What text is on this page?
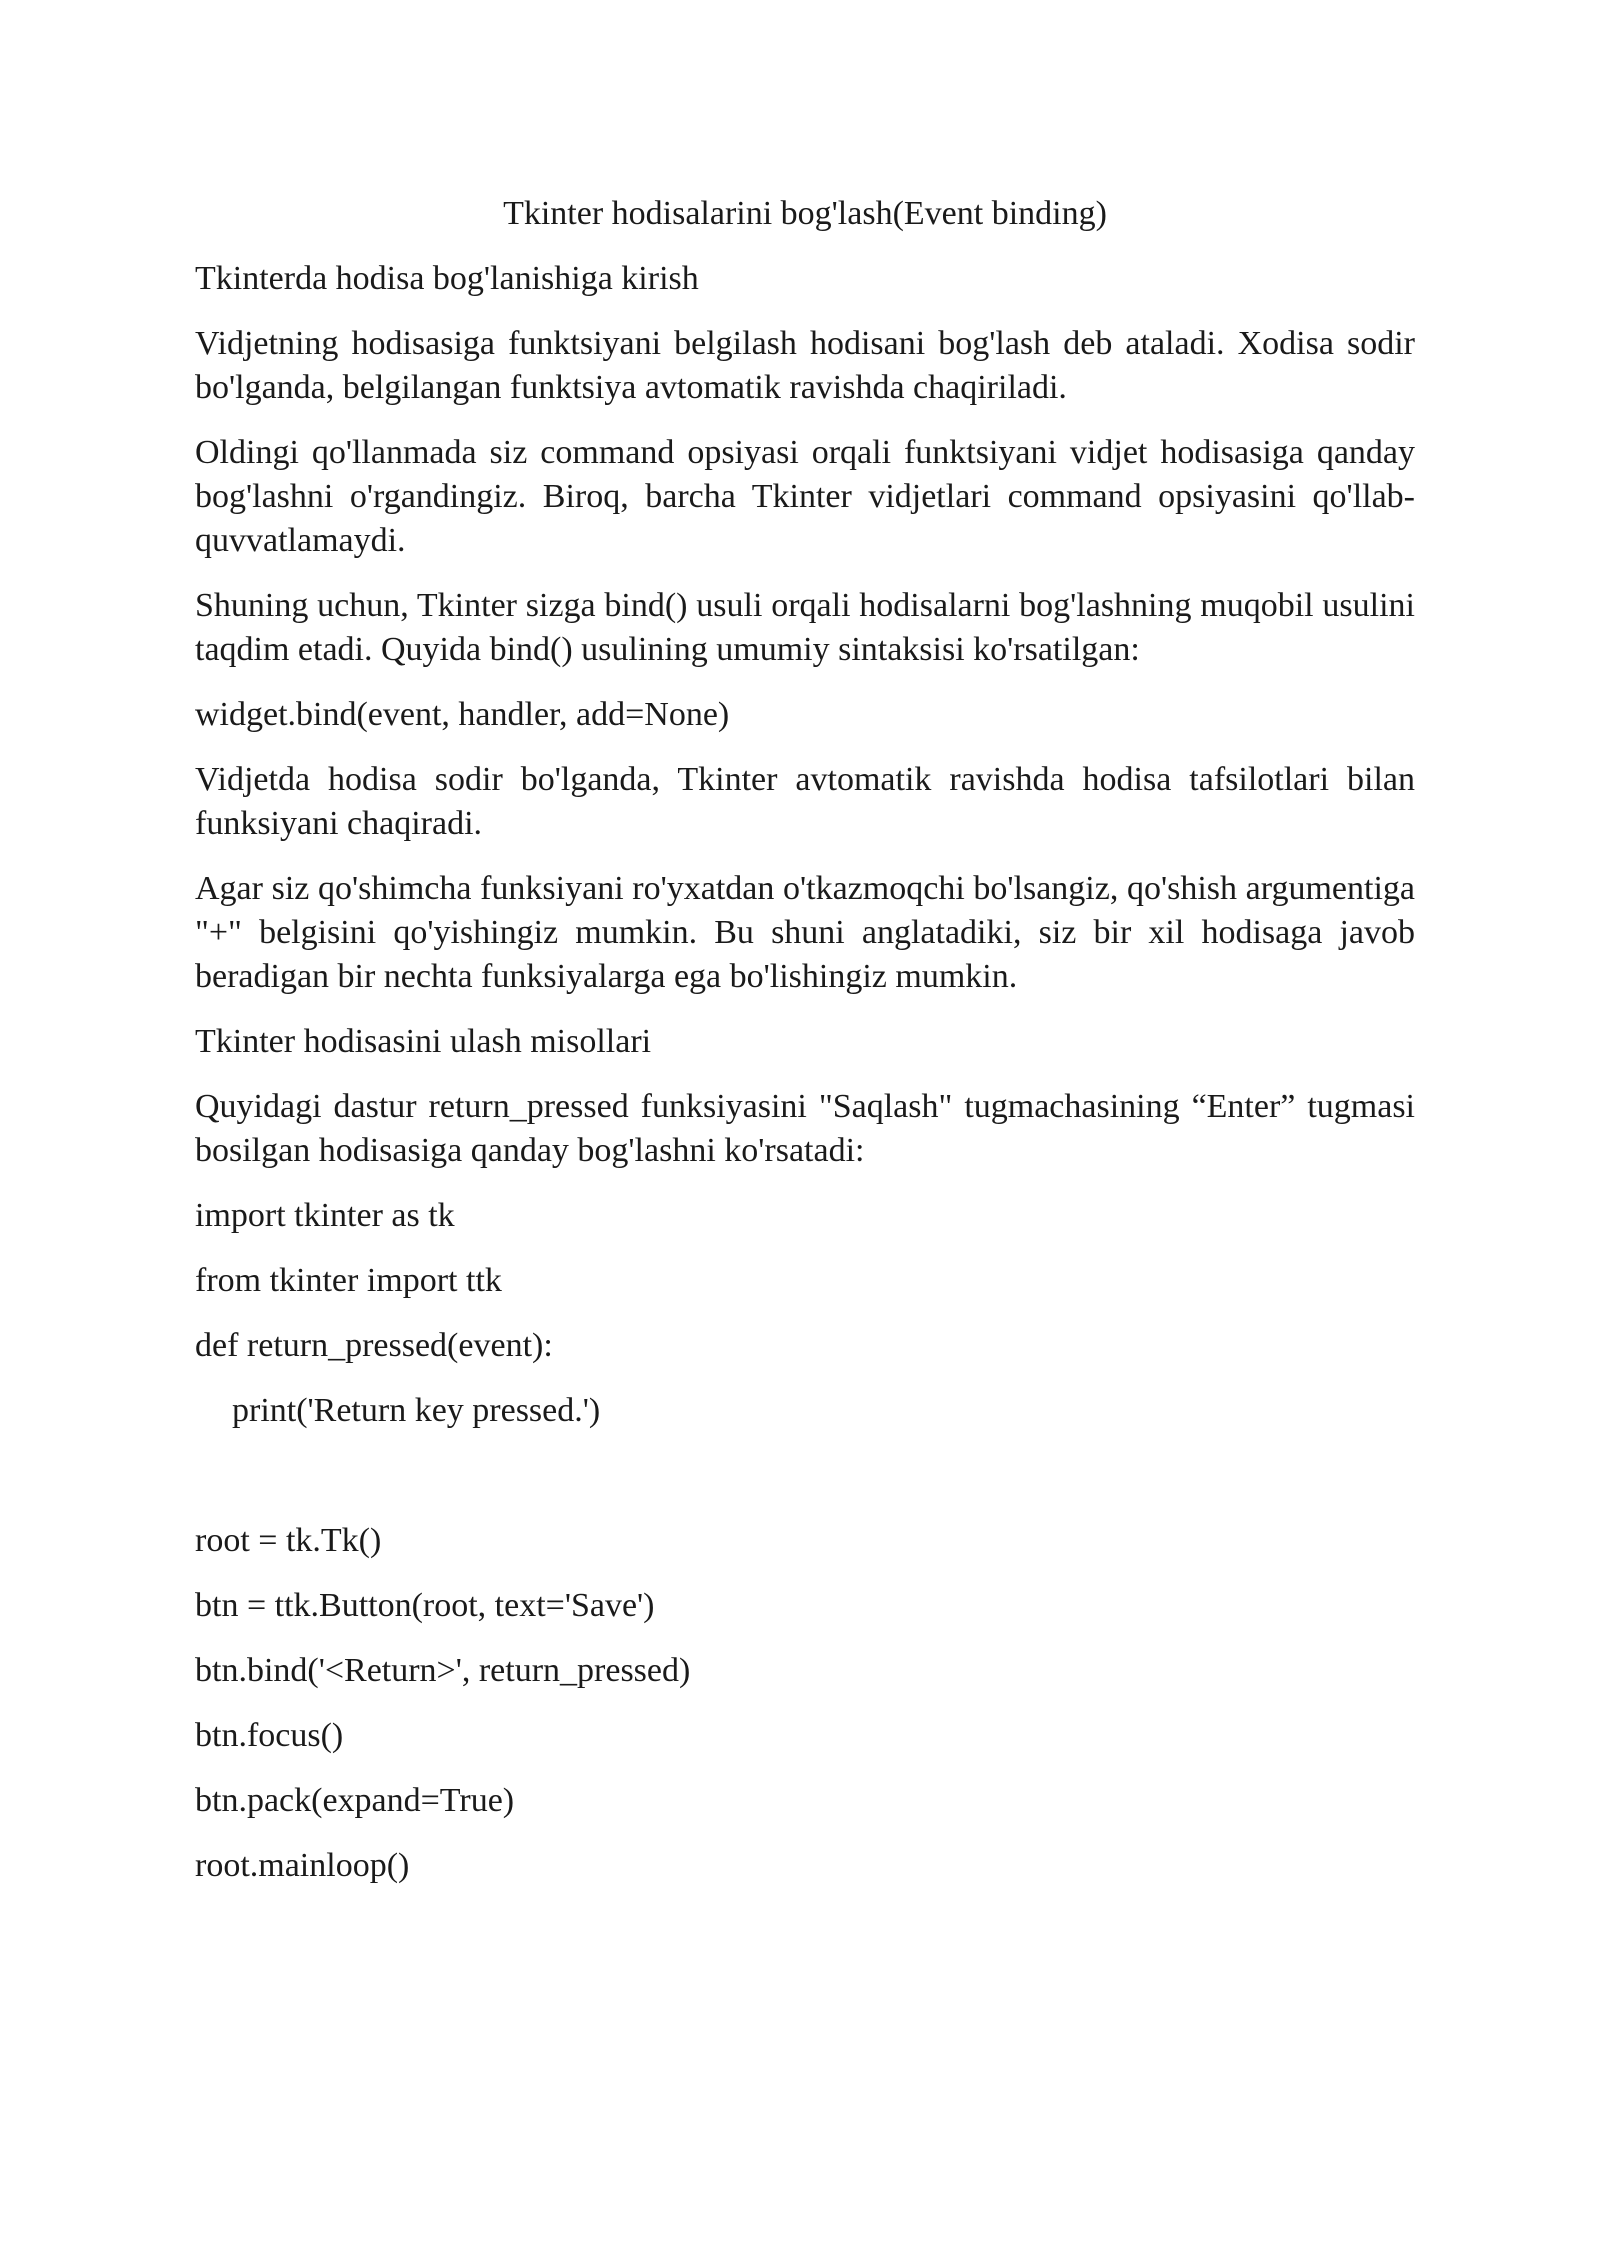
Tkinter hodisalarini bog'lash(Event binding)
Tkinterda hodisa bog'lanishiga kirish
Vidjetning hodisasiga funktsiyani belgilash hodisani bog'lash deb ataladi. Xodisa sodir bo'lganda, belgilangan funktsiya avtomatik ravishda chaqiriladi.
Oldingi qo'llanmada siz command opsiyasi orqali funktsiyani vidjet hodisasiga qanday bog'lashni o'rgandingiz. Biroq, barcha Tkinter vidjetlari command opsiyasini qo'llab-quvvatlamaydi.
Shuning uchun, Tkinter sizga bind() usuli orqali hodisalarni bog'lashning muqobil usulini taqdim etadi. Quyida bind() usulining umumiy sintaksisi ko'rsatilgan:
widget.bind(event, handler, add=None)
Vidjetda hodisa sodir bo'lganda, Tkinter avtomatik ravishda hodisa tafsilotlari bilan funksiyani chaqiradi.
Agar siz qo'shimcha funksiyani ro'yxatdan o'tkazmoqchi bo'lsangiz, qo'shish argumentiga "+" belgisini qo'yishingiz mumkin. Bu shuni anglatadiki, siz bir xil hodisaga javob beradigan bir nechta funksiyalarga ega bo'lishingiz mumkin.
Tkinter hodisasini ulash misollari
Quyidagi dastur return_pressed funksiyasini "Saqlash" tugmachasining “Enter” tugmasi bosilgan hodisasiga qanday bog'lashni ko'rsatadi:
import tkinter as tk
from tkinter import ttk
def return_pressed(event):
print('Return key pressed.')
root = tk.Tk()
btn = ttk.Button(root, text='Save')
btn.bind('<Return>', return_pressed)
btn.focus()
btn.pack(expand=True)
root.mainloop()
